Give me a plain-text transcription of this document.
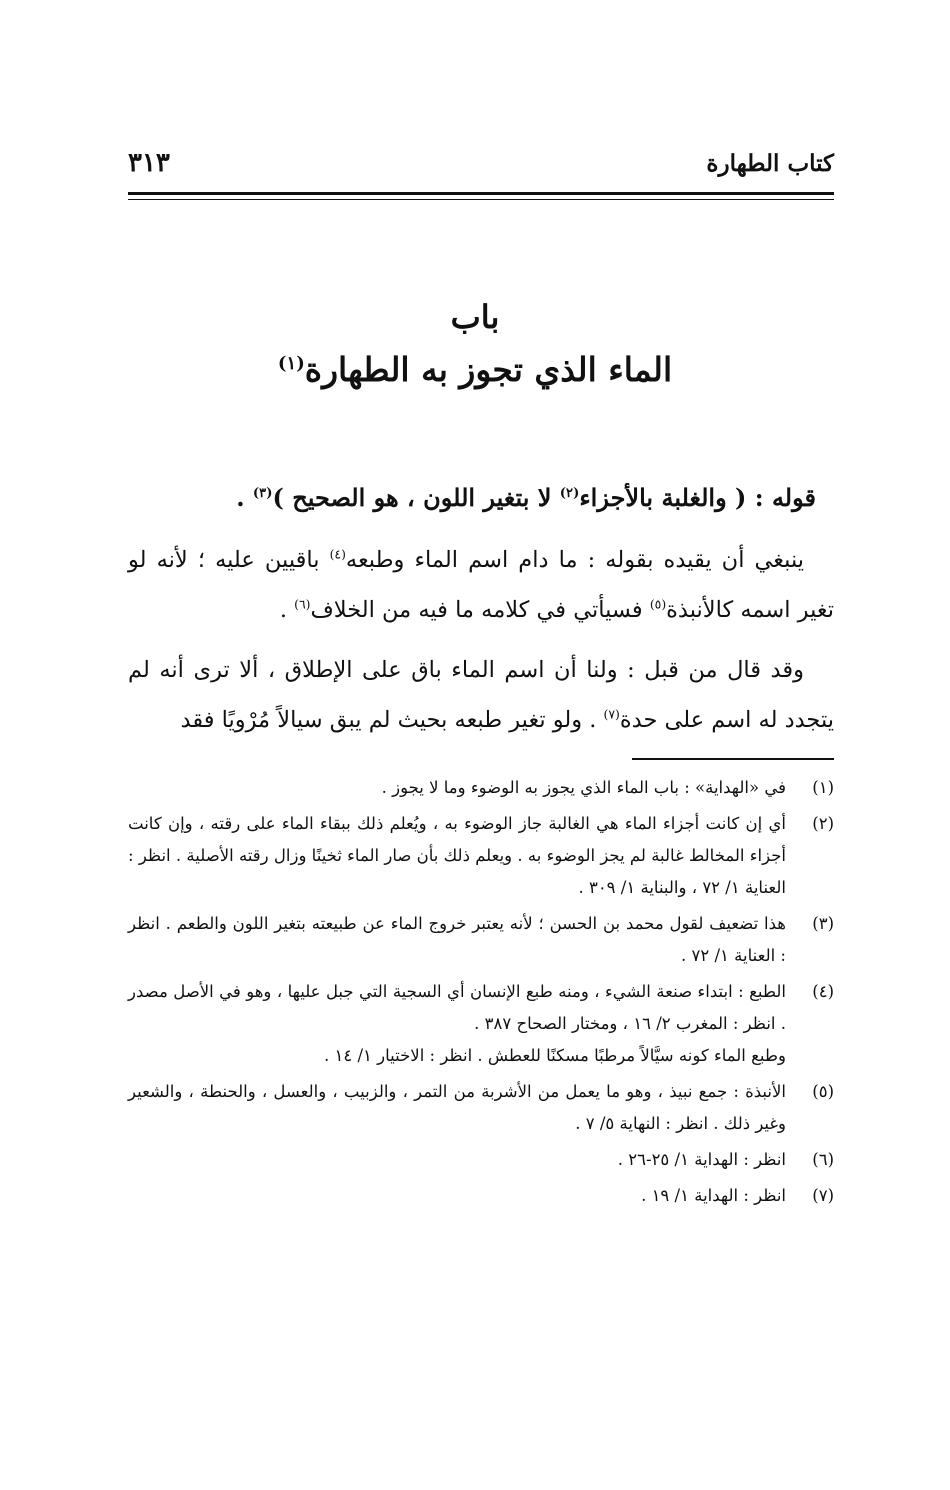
كتاب الطهارة
٣١٣
باب
الماء الذي تجوز به الطهارة$^{(١)}$
قوله : ( والغلبة بالأجزاء$^{(٢)}$ لا بتغير اللون ، هو الصحيح )$^{(٣)}$ .
ينبغي أن يقيده بقوله : ما دام اسم الماء وطبعه$^{(٤)}$ باقيين عليه ؛ لأنه لو تغير اسمه كالأنبذة$^{(٥)}$ فسيأتي في كلامه ما فيه من الخلاف$^{(٦)}$ .
وقد قال من قبل : ولنا أن اسم الماء باق على الإطلاق ، ألا ترى أنه لم يتجدد له اسم على حدة$^{(٧)}$ . ولو تغير طبعه بحيث لم يبق سيالاً مُرْويًا فقد
(١)
في «الهداية» : باب الماء الذي يجوز به الوضوء وما لا يجوز .
(٢)
أي إن كانت أجزاء الماء هي الغالبة جاز الوضوء به ، ويُعلم ذلك ببقاء الماء على رقته ، وإن كانت أجزاء المخالط غالبة لم يجز الوضوء به . ويعلم ذلك بأن صار الماء ثخينًا وزال رقته الأصلية . انظر : العناية ١/ ٧٢ ، والبناية ١/ ٣٠٩ .
(٣)
هذا تضعيف لقول محمد بن الحسن ؛ لأنه يعتبر خروج الماء عن طبيعته بتغير اللون والطعم . انظر : العناية ١/ ٧٢ .
(٤)
الطبع : ابتداء صنعة الشيء ، ومنه طبع الإنسان أي السجية التي جبل عليها ، وهو في الأصل مصدر . انظر : المغرب ٢/ ١٦ ، ومختار الصحاح ٣٨٧ .
وطبع الماء كونه سيَّالاً مرطبًا مسكنًا للعطش . انظر : الاختيار ١/ ١٤ .
(٥)
الأنبذة : جمع نبيذ ، وهو ما يعمل من الأشربة من التمر ، والزبيب ، والعسل ، والحنطة ، والشعير وغير ذلك . انظر : النهاية ٥/ ٧ .
(٦)
انظر : الهداية ١/ ٢٥-٢٦ .
(٧)
انظر : الهداية ١/ ١٩ .
